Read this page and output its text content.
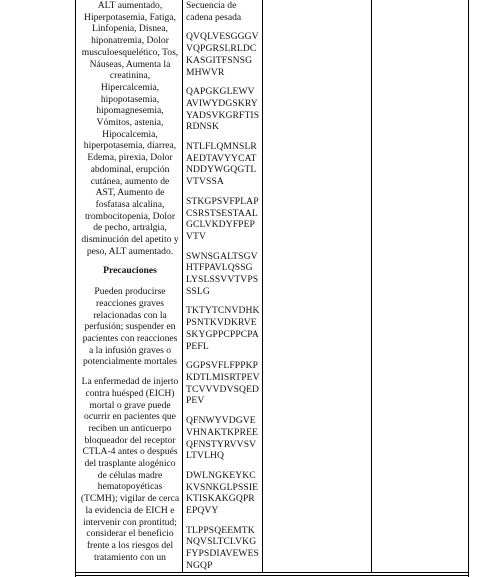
ALT aumentado,

Hiperpotasemia, Fatiga,

Linfopenia, Disnea,

hiponatremia, Dolor

musculoesquelético, Tos,

Náuseas, Aumenta la

creatinina,

Hipercalcemia,

hipopotasemia,

hipomagnesemia,

Vómitos, astenia,

Hipocalcemia,

hiperpotasemia, diarrea,

Edema, pirexia, Dolor

abdominal, erupción

cutánea, aumento de

AST, Aumento de

fosfatasa alcalina,

trombocitopenia, Dolor

de pecho, artralgia,

disminución del apetito y

peso, ALT aumentado.

Precauciones

Pueden producirse

reacciones graves

relacionadas con la

perfusión; suspender en

pacientes con reacciones

a la infusión graves o

potencialmente mortales

La enfermedad de injerto

contra huésped (EICH)

mortal o grave puede

ocurrir en pacientes que

reciben un anticuerpo

bloqueador del receptor

CTLA-4 antes o después

del trasplante alogénico

de células madre

hematopoyéticas

(TCMH); vigilar de cerca

la evidencia de EICH e

intervenir con prontitud;

considerar el beneficio

frente a los riesgos del

tratamiento con un

Secuencia de

cadena pesada

QVQLVESGGGV

VQPGRSLRLDC

KASGITFSNSG

MHWVR

QAPGKGLEWV

AVIWYDGSKRY

YADSVKGRFTIS

RDNSK

NTLFLQMNSLR

AEDTAVYYCAT

NDDYWGQGTL

VTVSSA

STKGPSVFPLAP

CSRSTSESTAAL

GCLVKDYFPEP

VTV

SWNSGALTSGV

HTFPAVLQSSG

LYSLSSVVTVPS

SSLG

TKTYTCNVDHK

PSNTKVDKRVE

SKYGPPCPPCPA

PEFL

GGPSVFLFPPKP

KDTLMISRTPEV

TCVVVDVSQED

PEV

QFNWYVDGVE

VHNAKTKPREE

QFNSTYRVVSV

LTVLHQ

DWLNGKEYKC

KVSNKGLPSSIE

KTISKAKGQPR

EPQVY

TLPPSQEEMTK

NQVSLTCLVKG

FYPSDIAVEWES

NGQP
